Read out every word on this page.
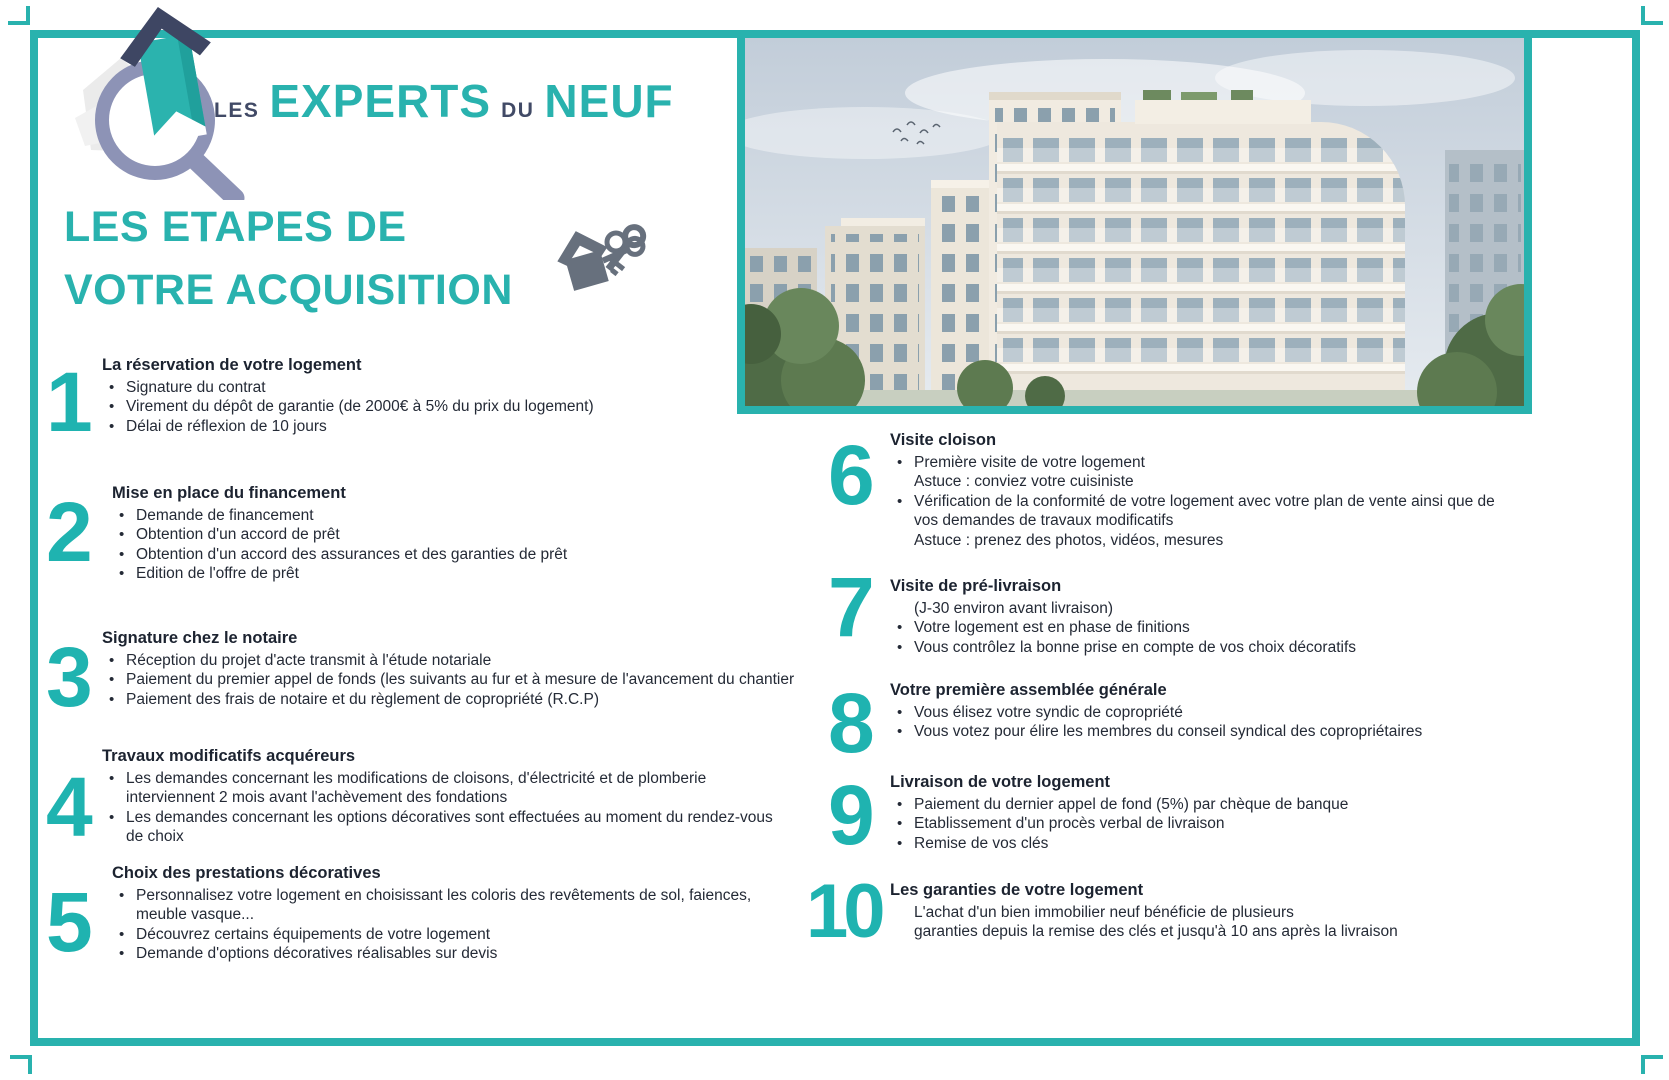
LES EXPERTS DU NEUF
LES ETAPES DE
VOTRE ACQUISITION
1 La réservation de votre logement
•
Signature du contrat
•
Virement du dépôt de garantie (de 2000€ à 5% du prix du logement)
•
Délai de réflexion de 10 jours
2 Mise en place du financement
•
Demande de financement
•
Obtention d'un accord de prêt
•
Obtention d'un accord des assurances et des garanties de prêt
•
Edition de l'offre de prêt
3 Signature chez le notaire
•
Réception du projet d'acte transmit à l'étude notariale
•
Paiement du premier appel de fonds (les suivants au fur et à mesure de l'avancement du chantier
•
Paiement des frais de notaire et du règlement de copropriété (R.C.P)
4
Travaux modificatifs acquéreurs
•
Les demandes concernant les modifications de cloisons, d'électricité et de plomberie interviennent 2 mois avant l'achèvement des fondations
•
Les demandes concernant les options décoratives sont effectuées au moment du rendez-vous de choix
5
Choix des prestations décoratives
•
Personnalisez votre logement en choisissant les coloris des revêtements de sol, faiences, meuble vasque...
•
Découvrez certains équipements de votre logement
•
Demande d'options décoratives réalisables sur devis
6 Visite cloison
•
Première visite de votre logement
Astuce : conviez votre cuisiniste
•
Vérification de la conformité de votre logement avec votre plan de vente ainsi que de vos demandes de travaux modificatifs
Astuce : prenez des photos, vidéos, mesures
7 Visite de pré-livraison
(J-30 environ avant livraison)
•
Votre logement est en phase de finitions
•
Vous contrôlez la bonne prise en compte de vos choix décoratifs
8 Votre première assemblée générale
•
Vous élisez votre syndic de copropriété
•
Vous votez pour élire les membres du conseil syndical des copropriétaires
9 Livraison de votre logement
•
Paiement du dernier appel de fond (5%) par chèque de banque
•
Etablissement d'un procès verbal de livraison
•
Remise de vos clés
10 Les garanties de votre logement
L'achat d'un bien immobilier neuf bénéficie de plusieurs
garanties depuis la remise des clés et jusqu'à 10 ans après la livraison
